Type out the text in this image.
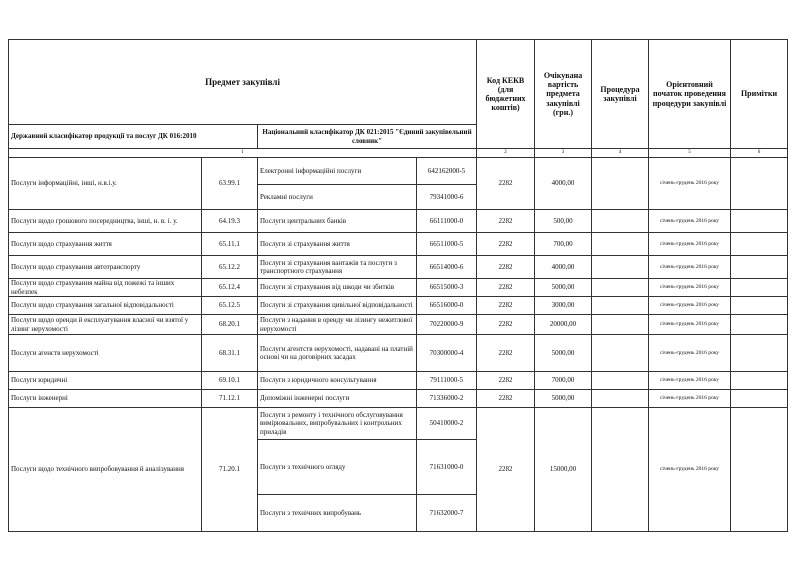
Предмет закупівлі				Код КЕКВ (для бюджетних коштів)	Очікувана вартість предмета закупівлі (грн.)	Процедура закупівлі	Орієнтовний початок проведення процедури закупівлі	Примітки
Державний класифікатор продукції та послуг ДК 016:2010		Національний класифікатор ДК 021:2015 "Єдиний закупівельний словник"						
1				2	3	4	5	6
Послуги інформаційні, інші, н.в.і.у.	63.99.1	Електронні інформаційні послуги	642162000-5	2282	4000,00		січень-грудень 2016 року	
		Рекламні послуги	79341000-6					
Послуги щодо грошового посередництва, інші, н. в. і. у.	64.19.3	Послуги центральних банків	66111000-0	2282	500,00		січень-грудень 2016 року	
Послуги щодо страхування життя	65.11.1	Послуги зі страхування життя	66511000-5	2282	700,00		січень-грудень 2016 року	
Послуги щодо страхування автотранспорту	65.12.2	Послуги зі страхування вантажів та послуги з транспортного страхування	66514000-6	2282	4000,00		січень-грудень 2016 року	
Послуги щодо страхування майна від пожежі та інших небезпек	65.12.4	Послуги зі страхування від шкоди чи збитків	66515000-3	2282	5000,00		січень-грудень 2016 року	
Послуги щодо страхування загальної відповідальності	65.12.5	Послуги зі страхування цивільної відповідальності	66516000-0	2282	3000,00		січень-грудень 2016 року	
Послуги щодо оренди й експлуатування власної чи взятої у лізинг нерухомості	68.20.1	Послуги з надання в оренду чи лізингу нежитлової нерухомості	70220000-9	2282	20000,00		січень-грудень 2016 року	
Послуги агенств нерухомості	68.31.1	Послуги агентств нерухомості, надавані на платній основі чи на договірних засадах	70300000-4	2282	5000,00		січень-грудень 2016 року	
Послуги юридичні	69.10.1	Послуги з юридичного консультування	79111000-5	2282	7000,00		січень-грудень 2016 року	
Послуги інженерні	71.12.1	Допоміжні інженерні послуги	71336000-2	2282	5000,00		січень-грудень 2016 року	
Послуги щодо технічного випробовування й аналізування	71.20.1	Послуги з ремонту і технічного обслуговування вимірювальних, випробувальних і контрольних приладів	50410000-2	2282	15000,00		січень-грудень 2016 року	
		Послуги з технічного огляду	71631000-0					
		Послуги з технічних випробувань	71632000-7					
